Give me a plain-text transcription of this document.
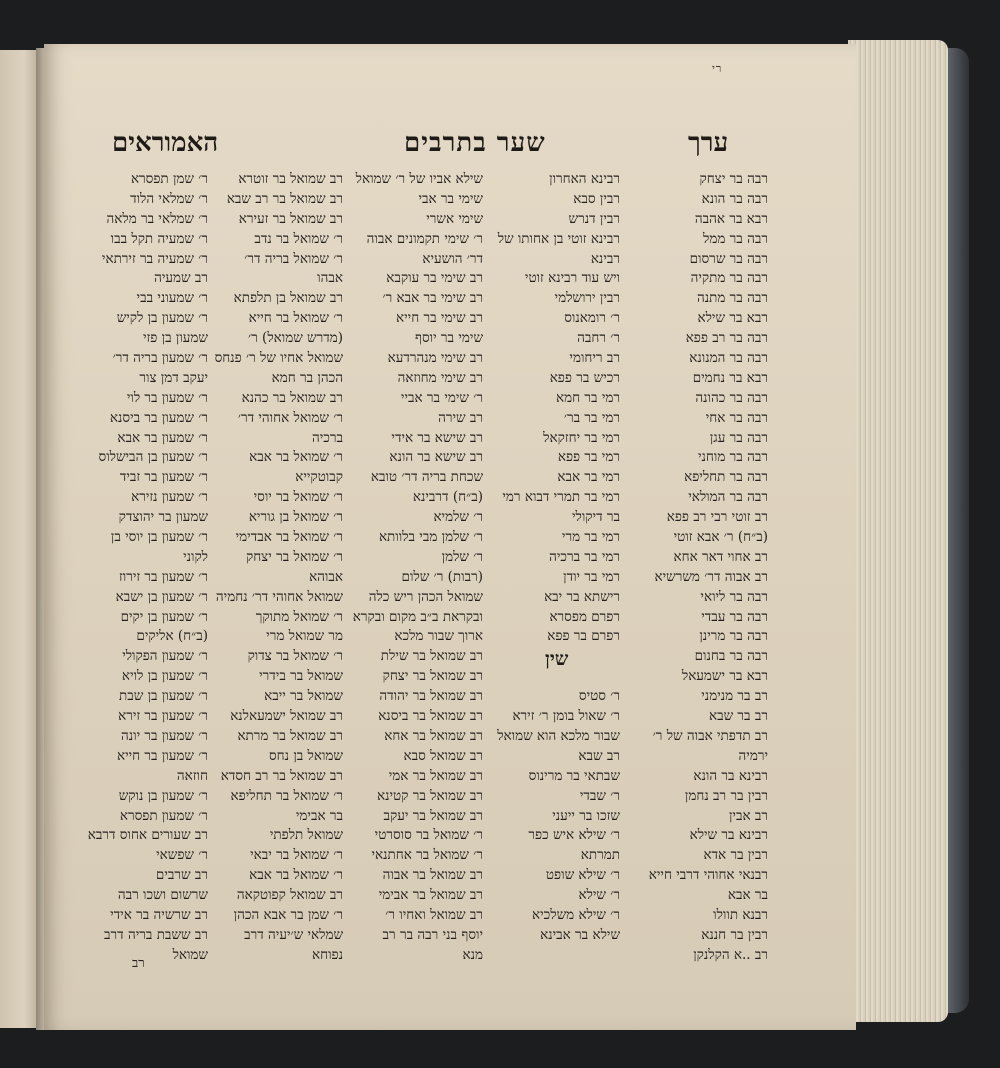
רי
ערך
שער בתרבים
האמוראים
שין
רבה בר יצחק
רבה בר הונא
רבא בר אהבה
רבה בר ממל
רבה בר שרסום
רבה בר מתקיה
רבה בר מתנה
רבא בר שילא
רבה בר רב פפא
רבה בר המנונא
רבא בר נחמים
רבה בר כהונה
רבה בר אחי
רבה בר עגן
רבה בר מוחני
רבה בר תחליפא
רבה בר המולאי
רב זוטי רבי רב פפא
(ב״ח) ר׳ אבא זוטי
רב אחוי דאר אחא
רב אבוה דר׳ משרשיא
רבה בר ליואי
רבה בר עבדי
רבה בר מרינן
רבה בר בחנום
רבא בר ישמעאל
רב בר מנימני
רב בר שבא
רב תדפתי אבוה של ר׳
ירמיה
רבינא בר הונא
רבין בר רב נחמן
רב אבין
רבינא בר שילא
רבין בר אדא
רבנאי אחוהי דרבי חייא
בר אבא
רבנא תוולו
רבין בר חננא
רב ..א הקלנקן
רבינא האחרון
רבין סבא
רבין דנרש
רבינא זוטי בן אחותו של
רבינא
ויש עוד רבינא זוטי
רבין ירושלמי
ר׳ רומאנוס
ר׳ רחבה
רב ריחומי
רכיש בר פפא
רמי בר חמא
רמי בר בר׳
רמי בר יחזקאל
רמי בר פפא
רמי בר אבא
רמי בר תמרי דבוא רמי
בר דיקולי
רמי בר מרי
רמי בר ברכיה
רמי בר יודן
רישתא בר יבא
רפרם מפסרא
רפרם בר פפא
ר׳ סטיס
ר׳ שאול בומן ר׳ זירא
שבור מלכא הוא שמואל
רב שבא
שבתאי בר מרינוס
ר׳ שבדי
שזכו בר ייעני
ר׳ שילא איש כפר
תמרתא
ר׳ שילא שופט
ר׳ שילא
ר׳ שילא משלכיא
שילא בר אבינא
שילא אביו של ר׳ שמואל
שימי בר אבי
שימי אשרי
ר׳ שימי תקמונים אבוה
דר׳ הושעיא
רב שימי בר עוקבא
רב שימי בר אבא ר׳
רב שימי בר חייא
שימי בר יוסף
רב שימי מנהרדעא
רב שימי מחוזאה
ר׳ שימי בר אביי
רב שירה
רב שישא בר אידי
רב שישא בר הונא
שכחת בריה דר׳ טובא
(ב״ח) דרבינא
ר׳ שלמיא
ר׳ שלמן מבי בלוותא
ר׳ שלמן
(רבות) ר׳ שלום
שמואל הכהן ריש כלה
ובקראת ב״ב מקום ובקרא
ארוך שבור מלכא
רב שמואל בר שילת
רב שמואל בר יצחק
רב שמואל בר יהודה
רב שמואל בר ביסנא
רב שמואל בר אחא
רב שמואל סבא
רב שמואל בר אמי
רב שמואל בר קטינא
רב שמואל בר יעקב
ר׳ שמואל בר סוסרטי
ר׳ שמואל בר אחתנאי
רב שמואל בר אבוה
רב שמואל בר אבימי
רב שמואל ואחיו ר׳
יוסף בני רבה בר רב
מנא
רב שמואל בר זוטרא
רב שמואל בר רב שבא
רב שמואל בר זעירא
ר׳ שמואל בר נדב
ר׳ שמואל בריה דר׳
אבהו
רב שמואל בן תלפתא
ר׳ שמואל בר חייא
(מדרש שמואל) ר׳
שמואל אחיו של ר׳ פנחס
הכהן בר חמא
רב שמואל בר כהנא
ר׳ שמואל אחוהי דר׳
ברכיה
ר׳ שמואל בר אבא
קבוטקייא
ר׳ שמואל בר יוסי
ר׳ שמואל בן גוריא
ר׳ שמואל בר אבדימי
ר׳ שמואל בר יצחק
אבוהא
שמואל אחוהי דר׳ נחמיה
ר׳ שמואל מתוקך
מר שמואל מרי
ר׳ שמואל בר צדוק
שמואל בר בידרי
שמואל בר ייבא
רב שמואל ישמעאלנא
רב שמואל בר מרתא
שמואל בן נחס
רב שמואל בר רב חסדא
ר׳ שמואל בר תחליפא
בר אבימי
שמואל תלפתי
ר׳ שמואל בר יבאי
ר׳ שמואל בר אבא
רב שמואל קפוטקאה
ר׳ שמן בר אבא הכהן
שמלאי ש׳יעיה דרב
נפוחא
ר׳ שמן תפסרא
ר׳ שמלאי הלוד
ר׳ שמלאי בר מלאה
ר׳ שמעיה תקל בבו
ר׳ שמעיה בר זירתאי
רב שמעיה
ר׳ שמעוני בבי
ר׳ שמעון בן לקיש
שמעון בן פזי
ר׳ שמעון בריה דר׳
יעקב דמן צור
ר׳ שמעון בר לוי
ר׳ שמעון בר ביסנא
ר׳ שמעון בר אבא
ר׳ שמעון בן הבישלוס
ר׳ שמעון בר זביד
ר׳ שמעון נזירא
שמעון בר יהוצדק
ר׳ שמעון בן יוסי בן
לקוני
ר׳ שמעון בר זירוז
ר׳ שמעון בן ישבא
ר׳ שמעון בן יקים
(ב״ח) אליקים
ר׳ שמעון הפקולי
ר׳ שמעון בן לויא
ר׳ שמעון בן שבת
ר׳ שמעון בר זירא
ר׳ שמעון בר יונה
ר׳ שמעון בר חייא
חוזאה
ר׳ שמעון בן נוקש
ר׳ שמעון תפסרא
רב שעורים אחוס דרבא
ר׳ שפשאי
רב שרבים
שרשום ושכו רבה
רב שרשיה בר אידי
רב ששבת בריה דרב
שמואל
רב
